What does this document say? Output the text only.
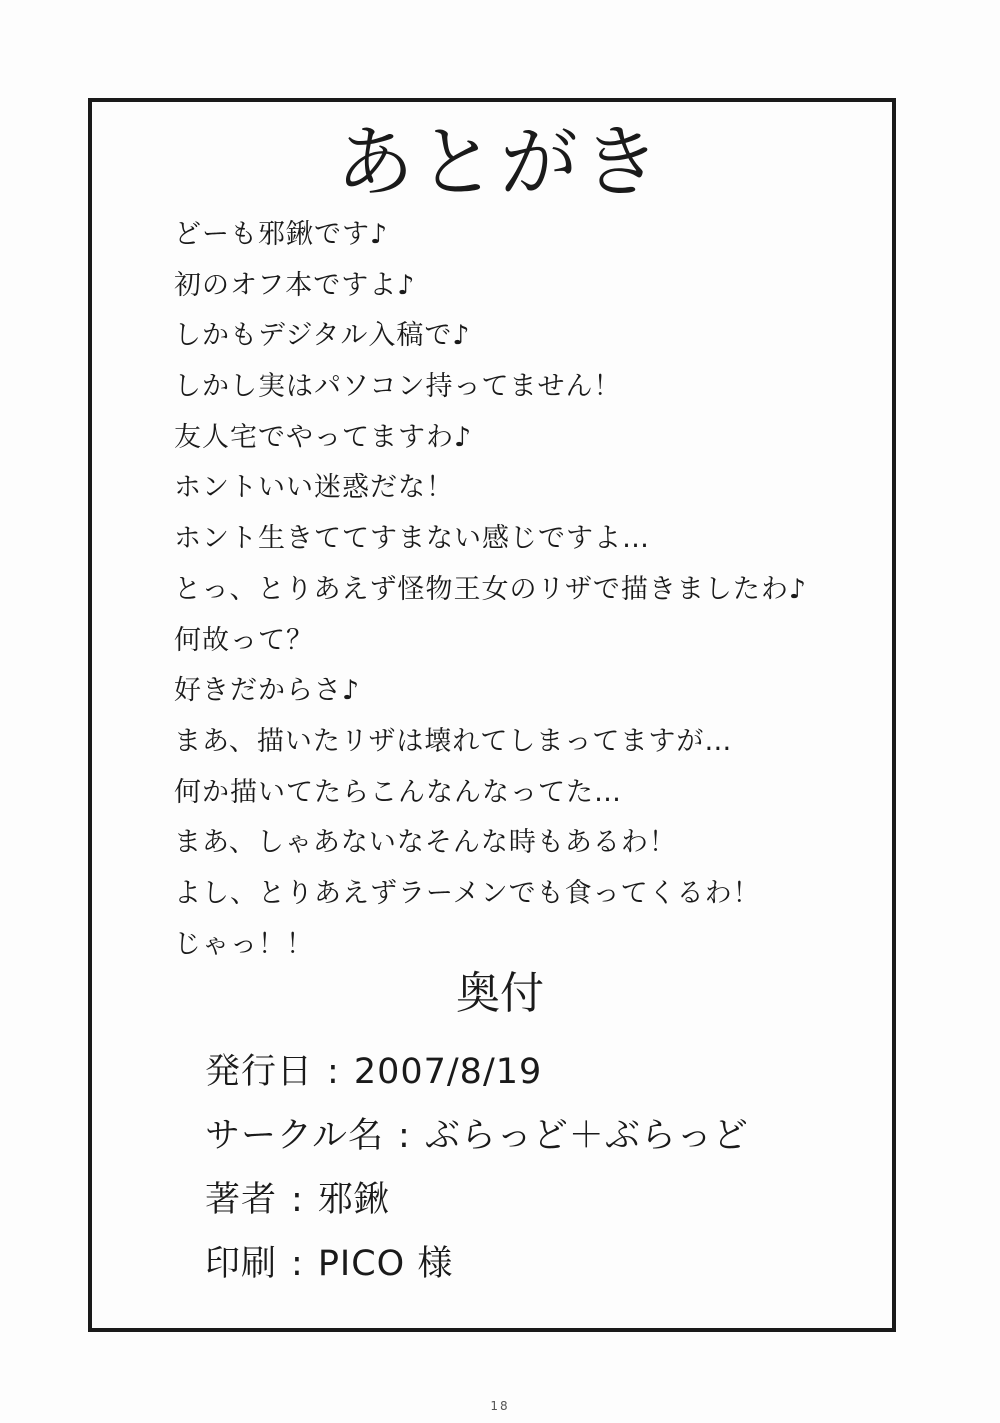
あとがき
どーも邪鍬です♪
初のオフ本ですよ♪
しかもデジタル入稿で♪
しかし実はパソコン持ってません！
友人宅でやってますわ♪
ホントいい迷惑だな！
ホント生きててすまない感じですよ…
とっ、とりあえず怪物王女のリザで描きましたわ♪
何故って？
好きだからさ♪
まあ、描いたリザは壊れてしまってますが…
何か描いてたらこんなんなってた…
まあ、しゃあないなそんな時もあるわ！
よし、とりあえずラーメンでも食ってくるわ！
じゃっ！！
奥付
発行日 : 2007/8/19
サークル名 : ぶらっど＋ぶらっど
著者 : 邪鍬
印刷 : PICO 様
18
